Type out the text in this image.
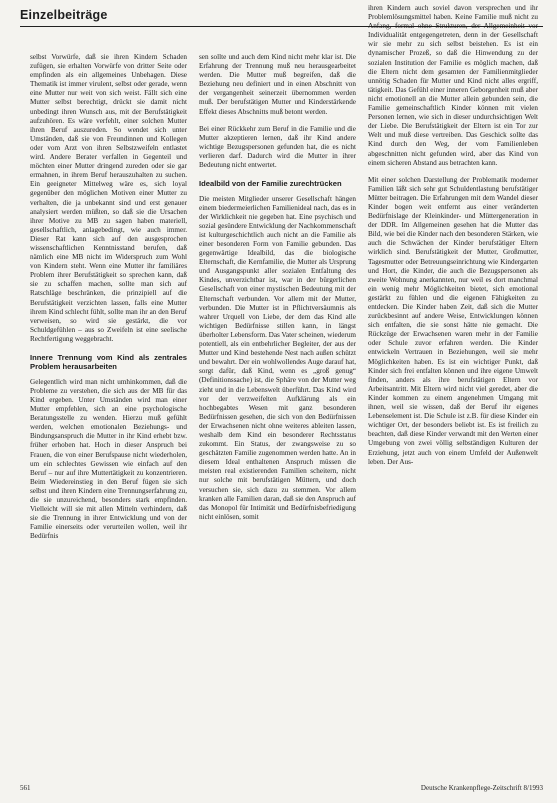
Einzelbeiträge

selbst Vorwürfe, daß sie ihren Kindern Schaden zufügen, sie erhalten Vorwürfe von dritter Seite oder empfinden als ein allgemeines Unbehagen. Diese Thematik ist immer virulent, selbst oder gerade, wenn eine Mutter nur weit von sich weist. Fällt sich eine Mutter selbst berechtigt, drückt sie damit nicht unbedingt ihren Wunsch aus, mit der Berufstätigkeit aufzuhören. Es wäre verfehlt, einer solchen Mutter ihren Beruf auszureden. So wendet sich unter Umständen, daß sie von Freundinnen und Kollegen oder vom Arzt von ihren Selbstzweifeln entlastet wird. Andere Berater verfallen in Gegenteil und möchten einer Mutter dringend zureden oder sie gar ermahnen, in ihrem Beruf herauszuhalten zu suchen. Ein geeigneter Mittelweg wäre es, sich loyal gegenüber den möglichen Motiven einer Mutter zu verhalten, die ja unbekannt sind und erst genauer analysiert werden müßten, so daß sie die Ursachen ihrer Motive zu MB zu sagen haben materiell, gesellschaftlich, anlagebedingt, wie auch immer. Dieser Rat kann sich auf den ausgesprochen wissenschaftlichen Kenntnisstand berufen, daß nämlich eine MB nicht im Widerspruch zum Wohl von Kindern steht. Wenn eine Mutter ihr familiäres Problem ihrer Berufstätigkeit so sprechen kann, daß sie zu schaffen machen, sollte man sich auf Ratschläge beschränken, die prinzipiell auf die Berufstätigkeit verzichten lassen, falls eine Mutter ihrem Kind schlecht fühlt, sollte man ihr an den Beruf verweisen, so wird sie gestärkt, die vor Schuldgefühlen – aus so Zweifeln ist eine seelische Rechtfertigung weggebracht.

Innere Trennung vom Kind als zentrales Problem herausarbeiten

Gelegentlich wird man nicht umhinkommen, daß die Probleme zu verstehen, die sich aus der MB für das Kind ergeben. Unter Umständen wird man einer Mutter empfehlen, sich an eine psychologische Beratungsstelle zu wenden. Hierzu muß gefühlt werden, welchen emotionalen Beziehungs- und Bindungsanspruch die Mutter in ihr Kind erhebt bzw. früher erhoben hat. Hoch in dieser Anspruch bei Frauen, die von einer Berufspause nicht wiederholen, um ein schlechtes Gewissen wie einfach auf den Beruf – nur auf ihre Muttertätigkeit zu konzentrieren. Beim Wiedereinstieg in den Beruf fügen sie sich selbst und ihren Kindern eine Trennungserfahrung zu, die sie unzureichend, besonders stark empfinden. Vielleicht will sie mit allen Mitteln verhindern, daß sie die Trennung in ihrer Entwicklung und von der Familie einerseits oder verurteilen wollen, weil ihr Bedürfnis

sen sollte und auch dem Kind nicht mehr klar ist. Die Erfahrung der Trennung muß neu herausgearbeitet werden. Die Mutter muß begreifen, daß die Beziehung neu definiert und in einen Abschnitt von der vergangenheit seinerzeit übernommen werden muß. Der berufstätigen Mutter und Kinderstärkende Effekt dieses Abschnitts muß betont werden.

Bei einer Rückkehr zum Beruf in die Familie und die Mutter akzeptieren lernen, daß ihr Kind andere wichtige Bezugspersonen gefunden hat, die es nicht verlieren darf. Dadurch wird die Mutter in ihrer Bedeutung nicht entwertet.

Idealbild von der Familie zurechtrücken

Die meisten Mitglieder unserer Gesellschaft hängen einem biedermeierlichen Familienideal nach, das es in der Wirklichkeit nie gegeben hat. Eine psychisch und sozial gesündere Entwicklung der Nachkommenschaft ist kulturgeschichtlich auch nicht an die Familie als einer besonderen Form von Familie gebunden. Das gegenwärtige Idealbild, das die biologische Elternschaft, die Kernfamilie, die Mutter als Ursprung und Ausgangspunkt aller sozialen Entfaltung des Kindes, unverzichtbar ist, war in der bürgerlichen Gesellschaft von einer mystischen Bedeutung mit der Elternschaft verbunden. Vor allem mit der Mutter, verbunden. Die Mutter ist in Pflichtversäumnis als wahrer Urquell von Liebe, der dem das Kind alle wichtigen Bedürfnisse stillen kann, in längst überholter Lebensform. Das Vater scheinen, wiederum potentiell, als ein entbehrlicher Begleiter, der aus der Mutter und Kind bestehende Nest nach außen schützt und bewahrt. Der ein wohlwollendes Auge darauf hat, sorgt dafür, daß Kind, wenn es „groß genug“ (Definitionssache) ist, die Sphäre von der Mutter weg zieht und in die Lebenswelt überführt. Das Kind wird vor der verzweifelten Aufklärung als ein hochbegabtes Wesen mit ganz besonderen Bedürfnissen gesehen, die sich von den Bedürfnissen der Erwachsenen nicht ohne weiteres ableiten lassen, weshalb dem Kind ein besonderer Rechtsstatus zukommt. Ein Status, der zwangsweise zu so geschätzten Familie zugenommen werden hatte. An in diesem Ideal enthaltenen Anspruch müssen die meisten real existierenden Familien scheitern, nicht nur solche mit berufstätigen Müttern, und doch versuchen sie, sich dazu zu stemmen. Vor allem kranken alle Familien daran, daß sie den Anspruch auf das Monopol für Intimität und Bedürfnisbefriedigung nicht einlösen, somit

ihren Kindern auch soviel davon versprechen und ihr Problemlösungsmittel haben. Keine Familie muß nicht zu Anfang, formal ohne Strukturen, der Allgemeinheit vor Individualität entgegengetreten, denn in der Gesellschaft wir sie mehr zu sich selbst beistehen. Es ist ein dynamischer Prozeß, so daß die Hinwendung zu der sozialen Institution der Familie es möglich machen, daß die Eltern nicht dem gesamten der Familienmitglieder unnötig Schaden für Mutter und Kind nicht alles ergriff, tätigkeit. Das Gefühl einer inneren Geborgenheit muß aber nicht emotionell an die Mutter allein gebunden sein, die Familie gemeinschaftlich Kinder können mit vielen Personen lernen, wie sich in dieser undurchsichtigen Welt der Liebe. Die Berufstätigkeit der Eltern ist ein Tor zur Welt und muß diese vertreiben. Das Geschick sollte das Kind durch den Weg, der vom Familienleben abgeschnitten nicht gefunden wird, aber das Kind von einem sicheren Abstand aus betrachten kann.

Mit einer solchen Darstellung der Problematik moderner Familien läßt sich sehr gut Schuldentlastung berufstätiger Mütter beitragen. Die Erfahrungen mit dem Wandel dieser Kinder bogen weit entfernt aus einer veränderten Bedürfnislage der Kleinkinder- und Müttergeneration in der DDR. Im Allgemeinen gesehen hat die Mutter das Bild, wie bei die Kinder nach den besonderen Stärken, wie auch die Schwächen der Kinder berufstätiger Eltern wirklich sind. Berufstätigkeit der Mutter, Großmutter, Tagesmutter oder Betreuungseinrichtung wie Kindergarten und Hort, die Kinder, die auch die Bezugspersonen als zweite Wohnung anerkannten, nur weil es dort manchmal ein wenig mehr Möglichkeiten bietet, sich emotional gestärkt zu fühlen und die eigenen Fähigkeiten zu entdecken. Die Kinder haben Zeit, daß sich die Mutter zurückbesinnt auf andere Weise, Entwicklungen können sich entfalten, die sie sonst hätte nie gemacht. Die Rückzüge der Erwachsenen waren mehr in der Familie oder Schule zuvor erfahren werden. Die Kinder entwickeln Vertrauen in Beziehungen, weil sie mehr Möglichkeiten haben. Es ist ein wichtiger Punkt, daß Kinder sich frei entfalten können und ihre eigene Umwelt finden, anders als ihre berufstätigen Eltern vor Arbeitsantritt. Mit Eltern wird nicht viel geredet, aber die Kinder kommen zu einem angenehmen Umgang mit ihnen, weil sie wissen, daß der Beruf ihr eigenes Lebenselement ist. Die Schule ist z.B. für diese Kinder ein wichtiger Ort, der besonders beliebt ist. Es ist freilich zu beachten, daß diese Kinder verwandt mit den Werten einer Umgebung von zwei völlig selbständigen Kulturen der Erziehung, jetzt auch von einem Umfeld der Außenwelt leben. Der Aus-

561	Deutsche Krankenpflege-Zeitschrift 8/1993
